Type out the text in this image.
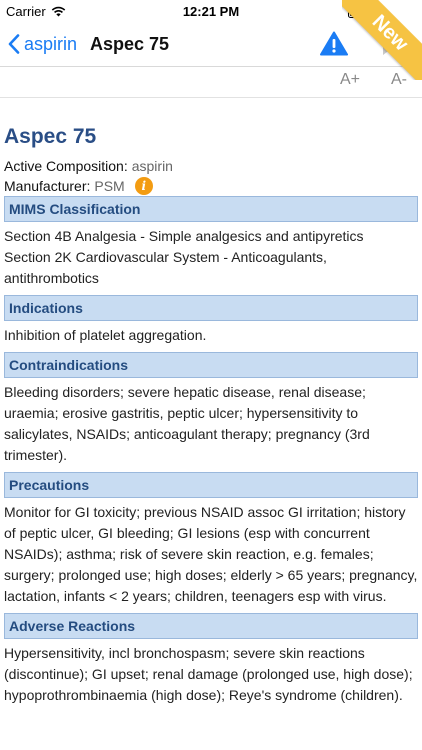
Carrier	12:21 PM	New
aspirin Aspec 75
A+ A-
Aspec 75
Active Composition: aspirin
Manufacturer: PSM	i
MIMS Classification

Section 4B Analgesia - Simple analgesics and antipyretics

Section 2K Cardiovascular System - Anticoagulants, antithrombotics

Indications

Inhibition of platelet aggregation.

Contraindications

Bleeding disorders; severe hepatic disease, renal disease; uraemia; erosive gastritis, peptic ulcer; hypersensitivity to salicylates, NSAIDs; anticoagulant therapy; pregnancy (3rd trimester).

Precautions

Monitor for GI toxicity; previous NSAID assoc GI irritation; history of peptic ulcer, GI bleeding; GI lesions (esp with concurrent NSAIDs); asthma; risk of severe skin reaction, e.g. females; surgery; prolonged use; high doses; elderly > 65 years; pregnancy, lactation, infants < 2 years; children, teenagers esp with virus.

Adverse Reactions

Hypersensitivity, incl bronchospasm; severe skin reactions (discontinue); GI upset; renal damage (prolonged use, high dose); hypoprothrombinaemia (high dose); Reye's syndrome (children).
